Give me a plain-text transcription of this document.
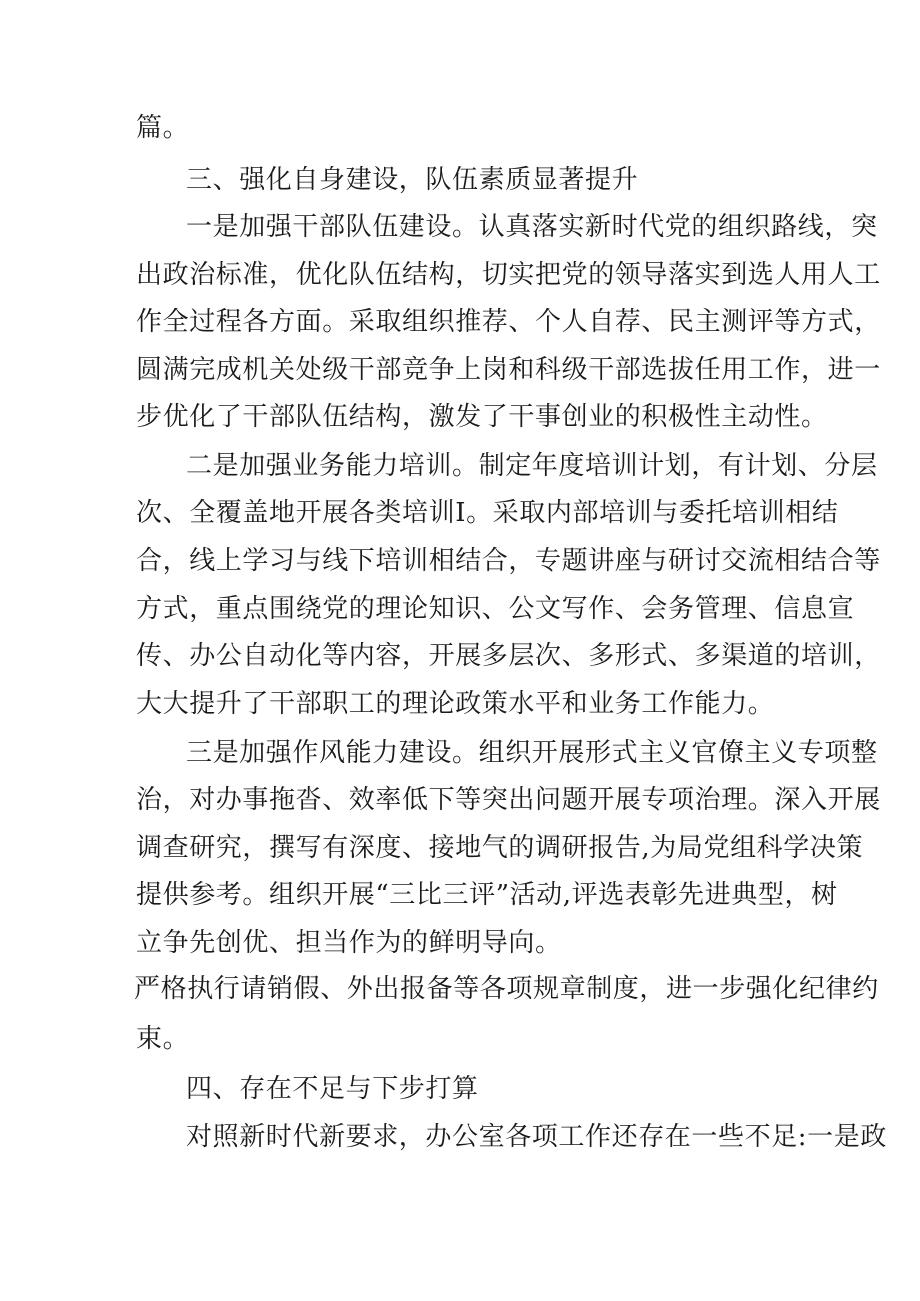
篇。
三、强化自身建设，队伍素质显著提升
一是加强干部队伍建设。认真落实新时代党的组织路线，突
出政治标准，优化队伍结构，切实把党的领导落实到选人用人工
作全过程各方面。采取组织推荐、个人自荐、民主测评等方式，
圆满完成机关处级干部竞争上岗和科级干部选拔任用工作，进一
步优化了干部队伍结构，激发了干事创业的积极性主动性。
二是加强业务能力培训。制定年度培训计划，有计划、分层
次、全覆盖地开展各类培训I。采取内部培训与委托培训相结
合，线上学习与线下培训相结合，专题讲座与研讨交流相结合等
方式，重点围绕党的理论知识、公文写作、会务管理、信息宣
传、办公自动化等内容，开展多层次、多形式、多渠道的培训，
大大提升了干部职工的理论政策水平和业务工作能力。
三是加强作风能力建设。组织开展形式主义官僚主义专项整
治，对办事拖沓、效率低下等突出问题开展专项治理。深入开展
调查研究，撰写有深度、接地气的调研报告,为局党组科学决策
提供参考。组织开展“三比三评”活动,评选表彰先进典型，树
立争先创优、担当作为的鲜明导向。
严格执行请销假、外出报备等各项规章制度，进一步强化纪律约
束。
四、存在不足与下步打算
对照新时代新要求，办公室各项工作还存在一些不足:一是政
